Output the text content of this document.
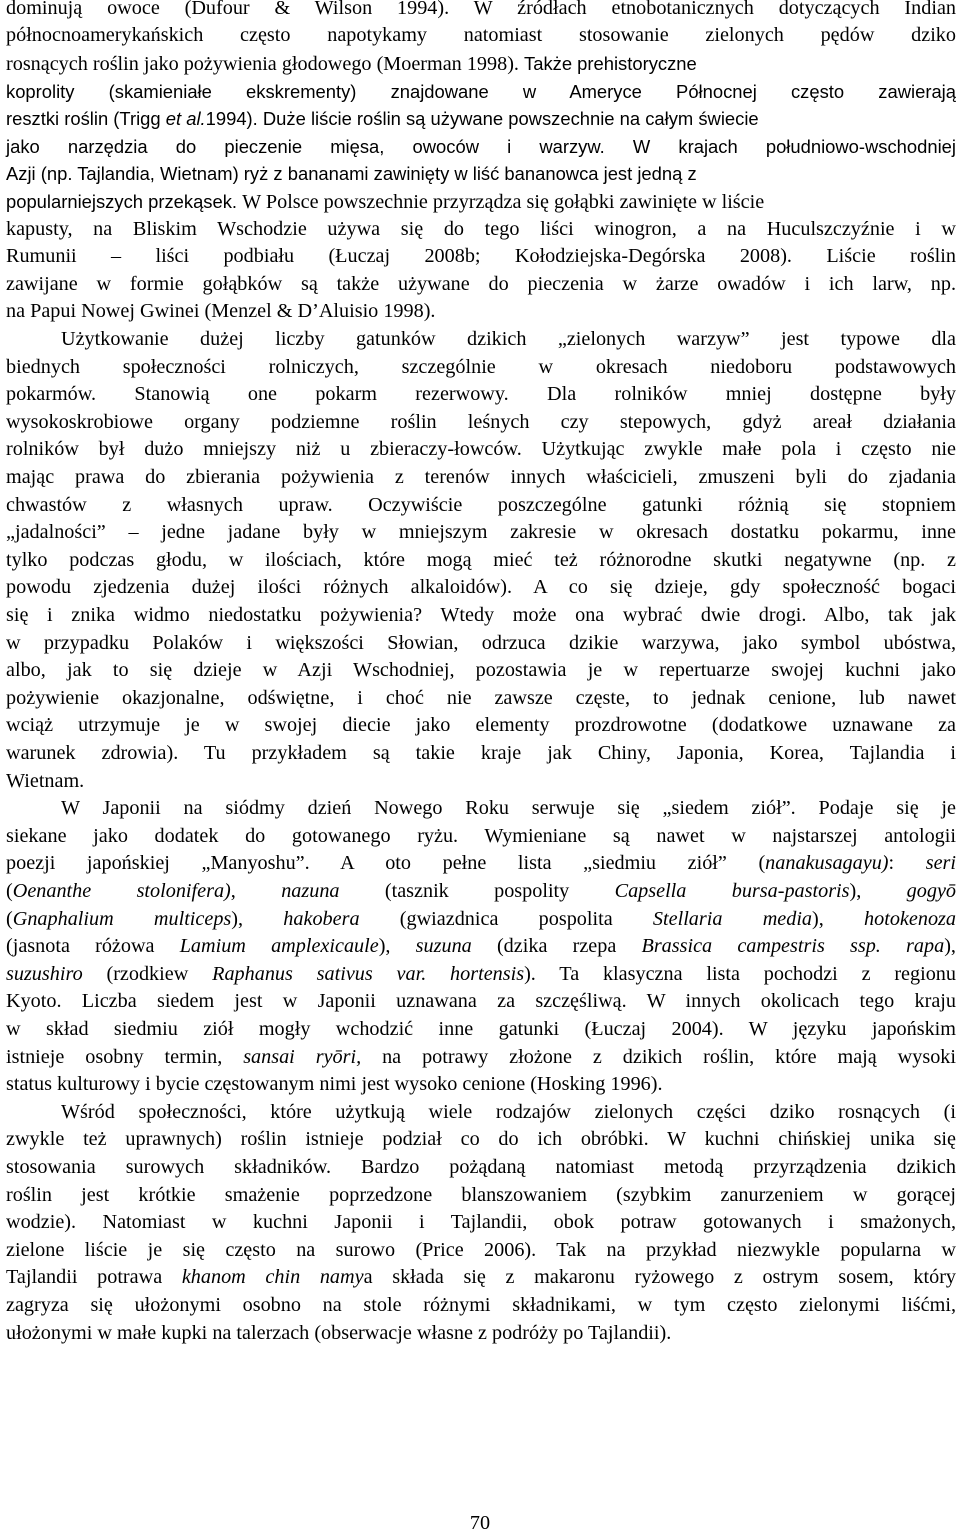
dominują owoce (Dufour & Wilson 1994). W źródłach etnobotanicznych dotyczących Indian
północnoamerykańskich często napotykamy natomiast stosowanie zielonych pędów dziko
rosnących roślin jako pożywienia głodowego (Moerman 1998). Także prehistoryczne
koprolity (skamieniałe ekskrementy) znajdowane w Ameryce Północnej często zawierają
resztki roślin (Trigg et al.1994). Duże liście roślin są używane powszechnie na całym świecie
jako narzędzia do pieczenie mięsa, owoców i warzyw. W krajach południowo-wschodniej
Azji (np. Tajlandia, Wietnam) ryż z bananami zawinięty w liść bananowca jest jedną z
popularniejszych przekąsek. W Polsce powszechnie przyrządza się gołąbki zawinięte w liście
kapusty, na Bliskim Wschodzie używa się do tego liści winogron, a na Huculszczyźnie i w
Rumunii – liści podbiału (Łuczaj 2008b; Kołodziejska-Degórska 2008). Liście roślin
zawijane w formie gołąbków są także używane do pieczenia w żarze owadów i ich larw, np.
na Papui Nowej Gwinei (Menzel & D’Aluisio 1998).
Użytkowanie dużej liczby gatunków dzikich „zielonych warzyw” jest typowe dla
biednych społeczności rolniczych, szczególnie w okresach niedoboru podstawowych
pokarmów. Stanowią one pokarm rezerwowy. Dla rolników mniej dostępne były
wysokoskrobiowe organy podziemne roślin leśnych czy stepowych, gdyż areał działania
rolników był dużo mniejszy niż u zbieraczy-łowców. Użytkując zwykle małe pola i często nie
mając prawa do zbierania pożywienia z terenów innych właścicieli, zmuszeni byli do zjadania
chwastów z własnych upraw. Oczywiście poszczególne gatunki różnią się stopniem
„jadalności” – jedne jadane były w mniejszym zakresie w okresach dostatku pokarmu, inne
tylko podczas głodu, w ilościach, które mogą mieć też różnorodne skutki negatywne (np. z
powodu zjedzenia dużej ilości różnych alkaloidów). A co się dzieje, gdy społeczność bogaci
się i znika widmo niedostatku pożywienia? Wtedy może ona wybrać dwie drogi. Albo, tak jak
w przypadku Polaków i większości Słowian, odrzuca dzikie warzywa, jako symbol ubóstwa,
albo, jak to się dzieje w Azji Wschodniej, pozostawia je w repertuarze swojej kuchni jako
pożywienie okazjonalne, odświętne, i choć nie zawsze częste, to jednak cenione, lub nawet
wciąż utrzymuje je w swojej diecie jako elementy prozdrowotne (dodatkowe uznawane za
warunek zdrowia). Tu przykładem są takie kraje jak Chiny, Japonia, Korea, Tajlandia i
Wietnam.
W Japonii na siódmy dzień Nowego Roku serwuje się „siedem ziół”. Podaje się je
siekane jako dodatek do gotowanego ryżu. Wymieniane są nawet w najstarszej antologii
poezji japońskiej „Manyoshu”. A oto pełne lista „siedmiu ziół” (nanakusagayu): seri
(Oenanthe stolonifera), nazuna (tasznik pospolity Capsella bursa-pastoris), gogyō
(Gnaphalium multiceps), hakobera (gwiazdnica pospolita Stellaria media), hotokenoza
(jasnota różowa Lamium amplexicaule), suzuna (dzika rzepa Brassica campestris ssp. rapa),
suzushiro (rzodkiew Raphanus sativus var. hortensis). Ta klasyczna lista pochodzi z regionu
Kyoto. Liczba siedem jest w Japonii uznawana za szczęśliwą. W innych okolicach tego kraju
w skład siedmiu ziół mogły wchodzić inne gatunki (Łuczaj 2004). W języku japońskim
istnieje osobny termin, sansai ryōri, na potrawy złożone z dzikich roślin, które mają wysoki
status kulturowy i bycie częstowanym nimi jest wysoko cenione (Hosking 1996).
Wśród społeczności, które użytkują wiele rodzajów zielonych części dziko rosnących (i
zwykle też uprawnych) roślin istnieje podział co do ich obróbki. W kuchni chińskiej unika się
stosowania surowych składników. Bardzo pożądaną natomiast metodą przyrządzenia dzikich
roślin jest krótkie smażenie poprzedzone blanszowaniem (szybkim zanurzeniem w gorącej
wodzie). Natomiast w kuchni Japonii i Tajlandii, obok potraw gotowanych i smażonych,
zielone liście je się często na surowo (Price 2006). Tak na przykład niezwykle popularna w
Tajlandii potrawa khanom chin namya składa się z makaronu ryżowego z ostrym sosem, który
zagryza się ułożonymi osobno na stole różnymi składnikami, w tym często zielonymi liśćmi,
ułożonymi w małe kupki na talerzach (obserwacje własne z podróży po Tajlandii).
70
